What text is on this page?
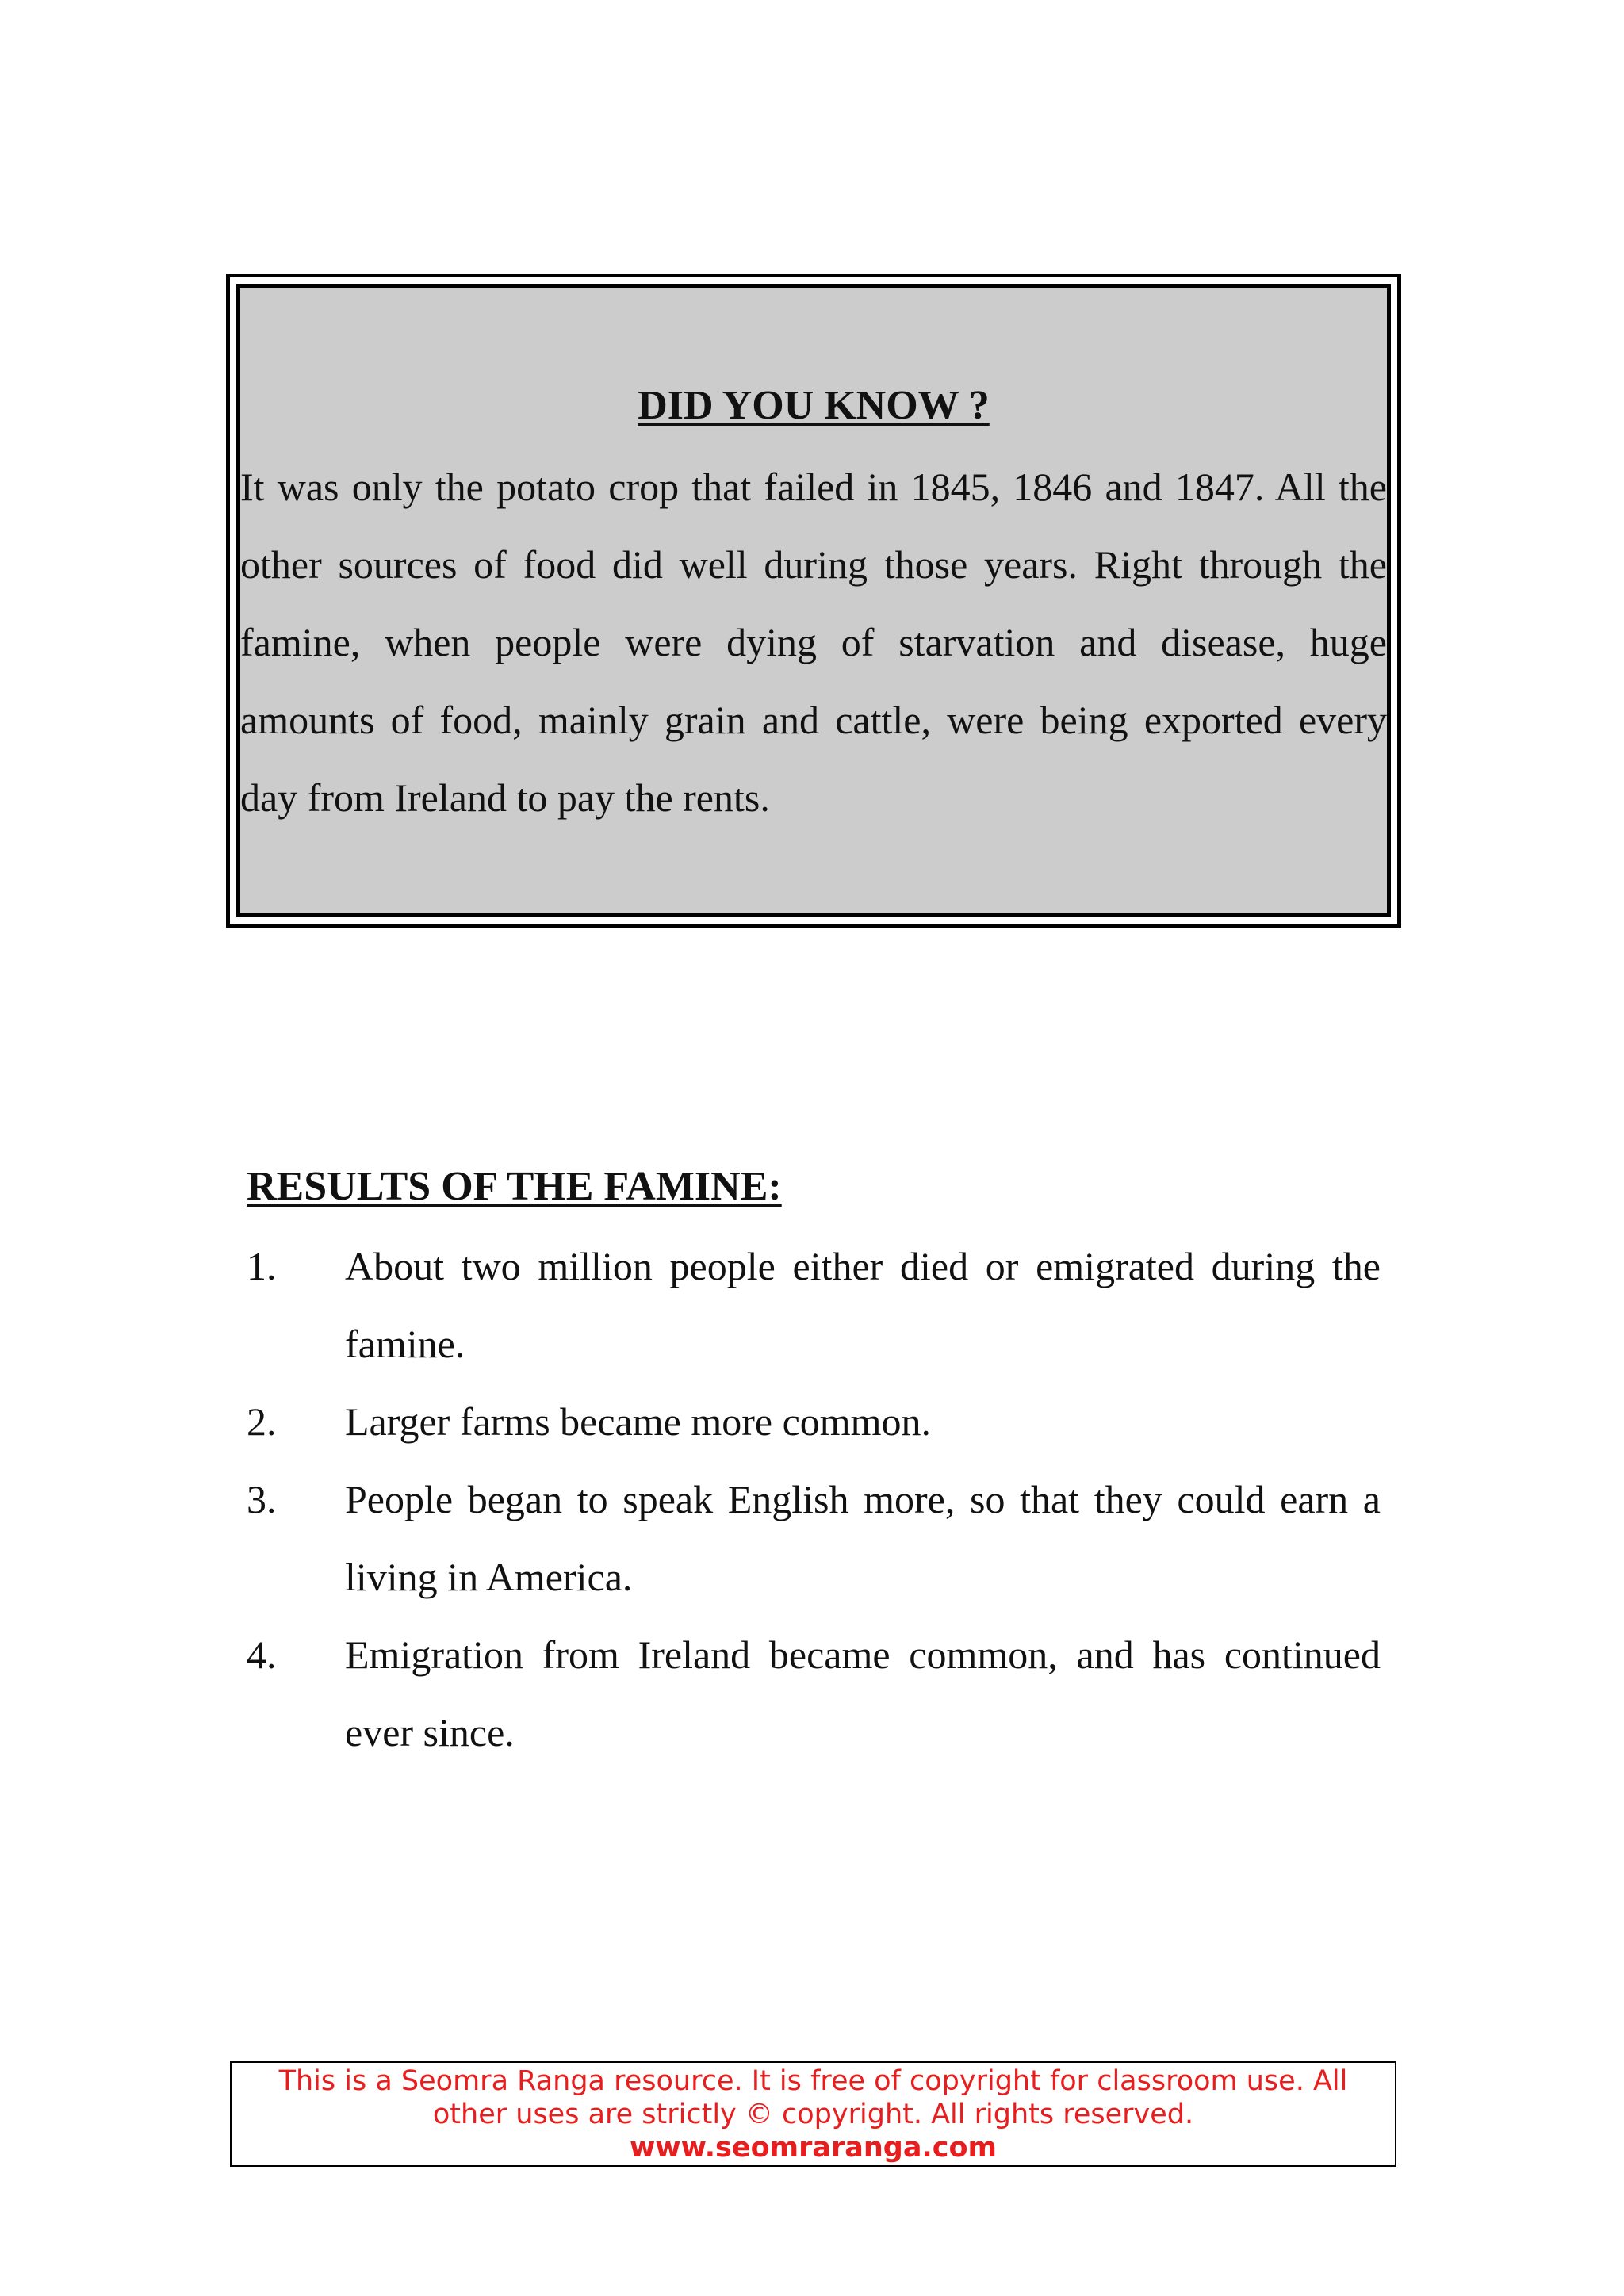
DID YOU KNOW ?

It was only the potato crop that failed in 1845, 1846 and 1847. All the other sources of food did well during those years. Right through the famine, when people were dying of starvation and disease, huge amounts of food, mainly grain and cattle, were being exported every day from Ireland to pay the rents.

RESULTS OF THE FAMINE:
1.	About two million people either died or emigrated during the famine.
2.	Larger farms became more common.
3.	People began to speak English more, so that they could earn a living in America.
4.	Emigration from Ireland became common, and has continued ever since.
This is a Seomra Ranga resource. It is free of copyright for classroom use. All
other uses are strictly © copyright. All rights reserved.
www.seomraranga.com
